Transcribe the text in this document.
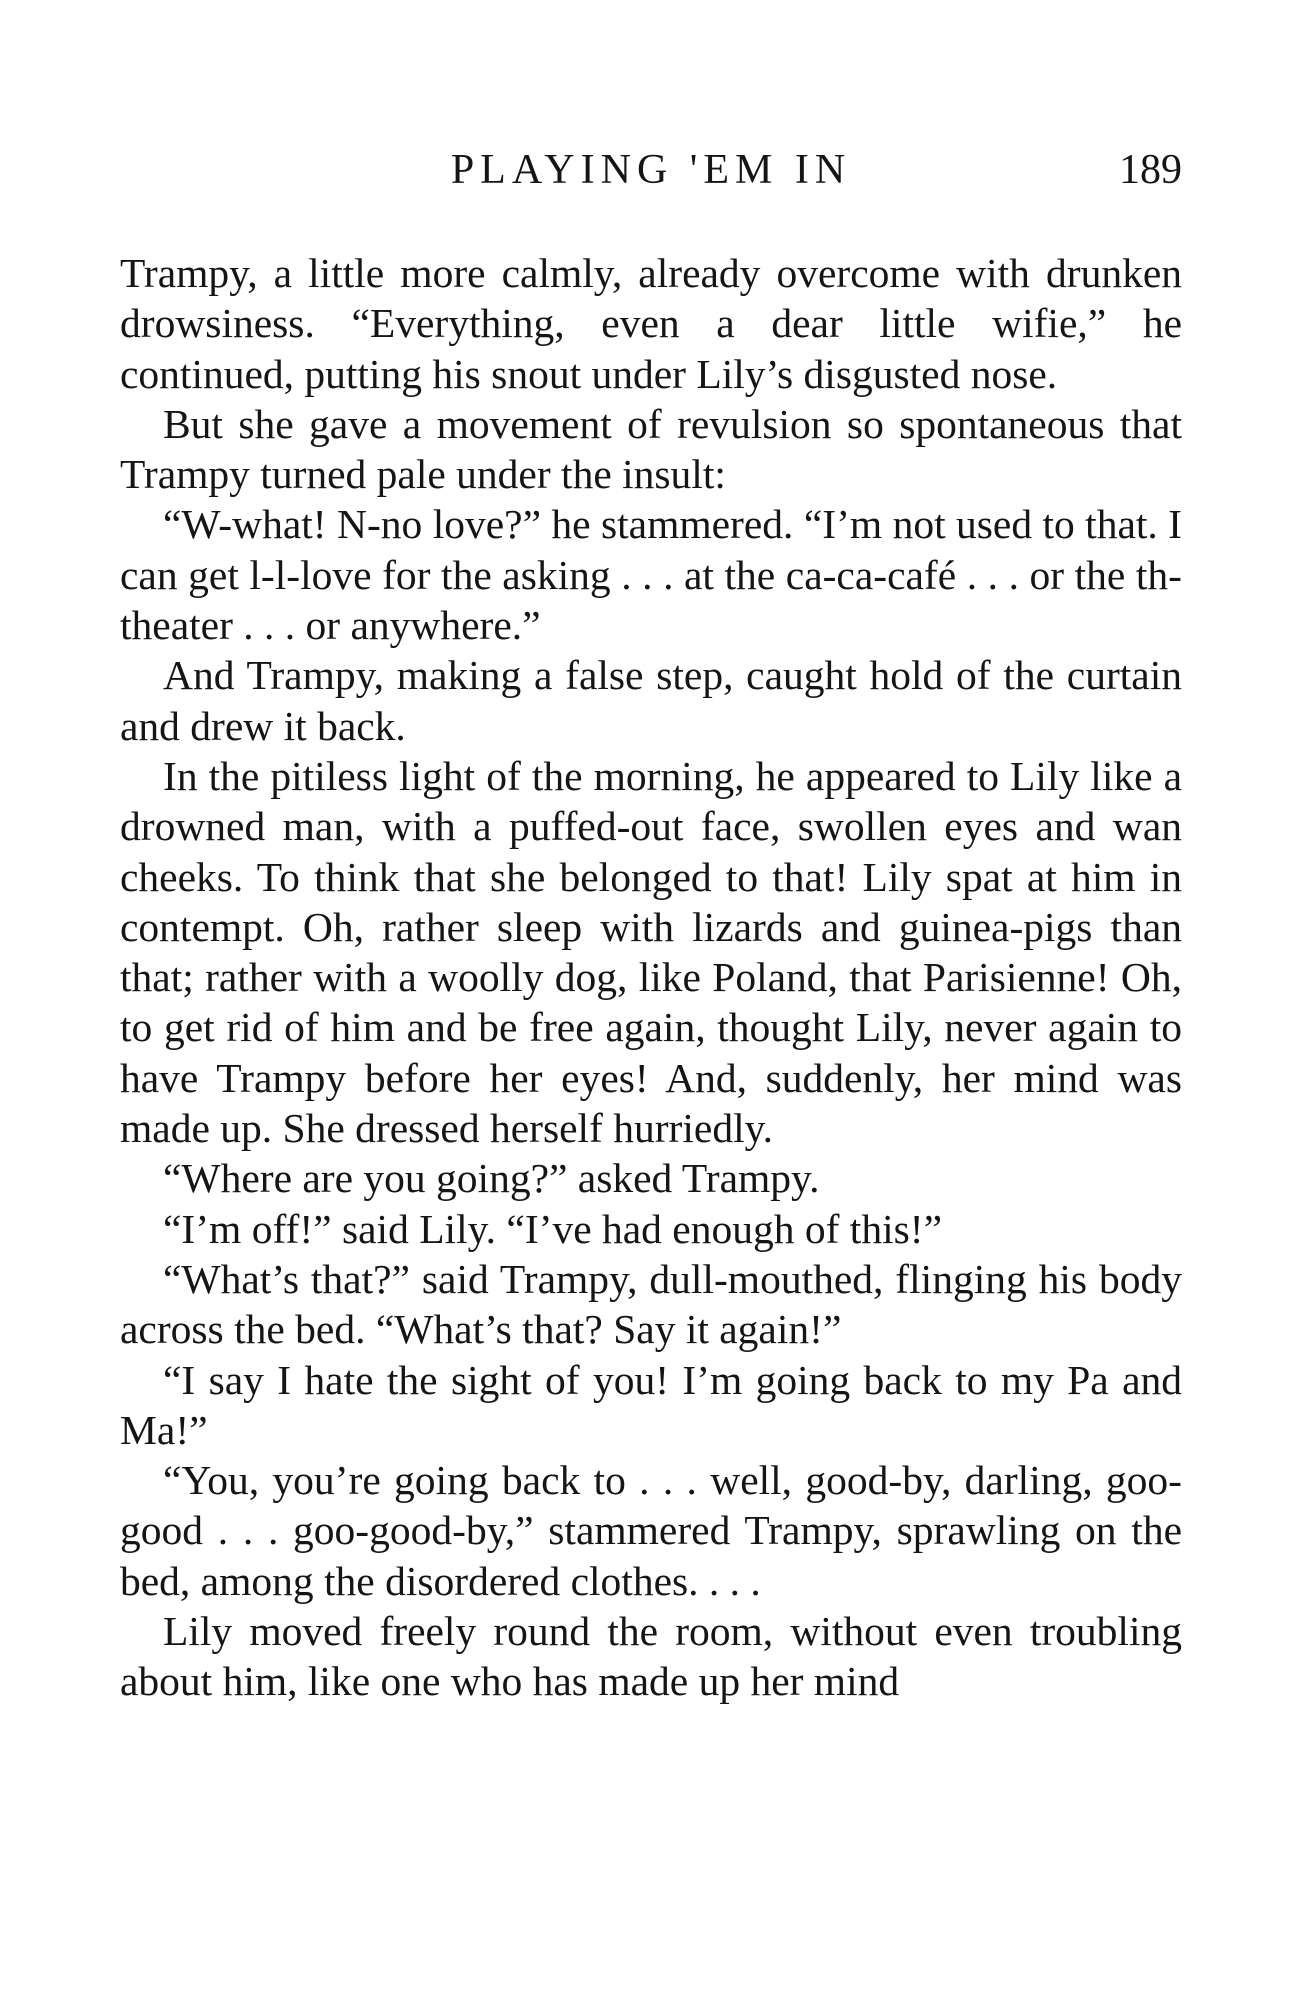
PLAYING 'EM IN	189

Trampy, a little more calmly, already overcome with drunken drowsiness. “Everything, even a dear little wifie,” he continued, putting his snout under Lily’s disgusted nose.

But she gave a movement of revulsion so spontaneous that Trampy turned pale under the insult:

“W-what! N-no love?” he stammered. “I’m not used to that. I can get l-l-love for the asking . . . at the ca-ca-café . . . or the th-theater . . . or anywhere.”

And Trampy, making a false step, caught hold of the curtain and drew it back.

In the pitiless light of the morning, he appeared to Lily like a drowned man, with a puffed-out face, swollen eyes and wan cheeks. To think that she belonged to that! Lily spat at him in contempt. Oh, rather sleep with lizards and guinea-pigs than that; rather with a woolly dog, like Poland, that Parisienne! Oh, to get rid of him and be free again, thought Lily, never again to have Trampy before her eyes! And, suddenly, her mind was made up. She dressed herself hurriedly.

“Where are you going?” asked Trampy.

“I’m off!” said Lily. “I’ve had enough of this!”

“What’s that?” said Trampy, dull-mouthed, flinging his body across the bed. “What’s that? Say it again!”

“I say I hate the sight of you! I’m going back to my Pa and Ma!”

“You, you’re going back to . . . well, good-by, darling, goo-good . . . goo-good-by,” stammered Trampy, sprawling on the bed, among the disordered clothes. . . .

Lily moved freely round the room, without even troubling about him, like one who has made up her mind
